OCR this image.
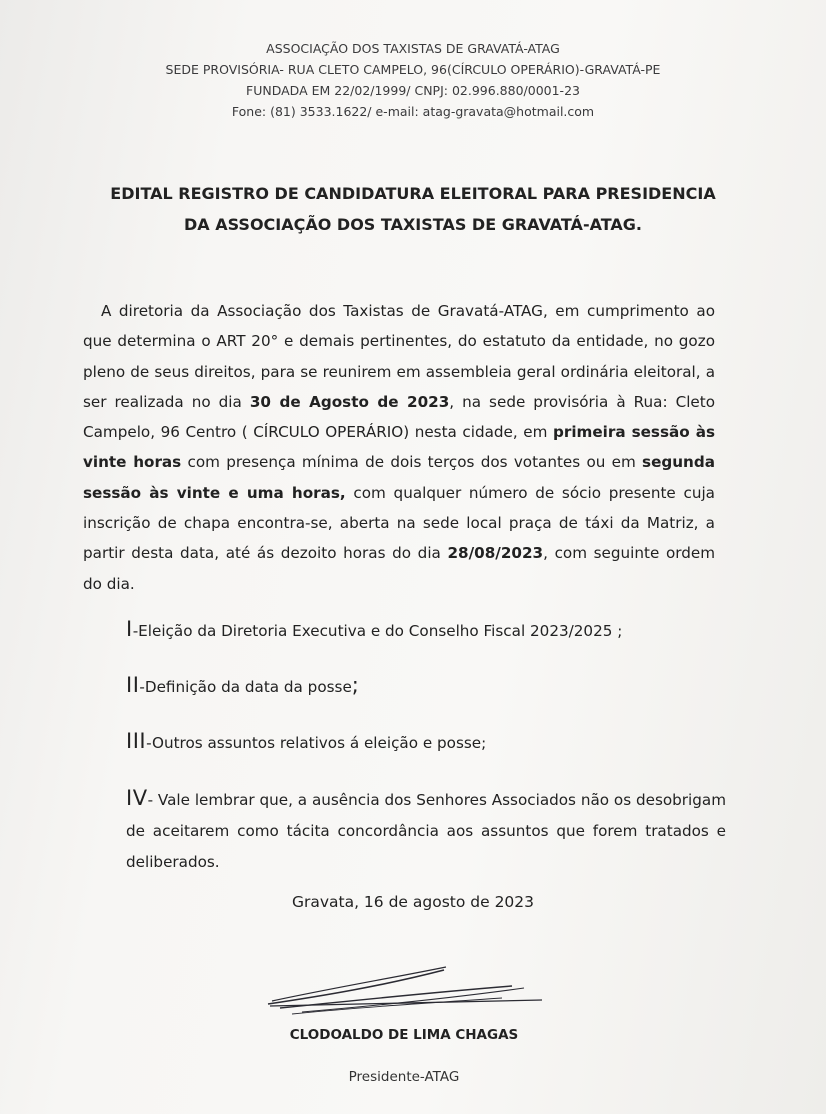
ASSOCIAÇÃO DOS TAXISTAS DE GRAVATÁ-ATAG
SEDE PROVISÓRIA- RUA CLETO CAMPELO, 96(CÍRCULO OPERÁRIO)-GRAVATÁ-PE
FUNDADA EM 22/02/1999/ CNPJ: 02.996.880/0001-23
Fone: (81) 3533.1622/ e-mail: atag-gravata@hotmail.com
EDITAL REGISTRO DE CANDIDATURA ELEITORAL PARA PRESIDENCIA
DA ASSOCIAÇÃO DOS TAXISTAS DE GRAVATÁ-ATAG.
A diretoria da Associação dos Taxistas de Gravatá-ATAG, em cumprimento ao que determina o ART 20° e demais pertinentes, do estatuto da entidade, no gozo pleno de seus direitos, para se reunirem em assembleia geral ordinária eleitoral, a ser realizada no dia 30 de Agosto de 2023, na sede provisória à Rua: Cleto Campelo, 96 Centro ( CÍRCULO OPERÁRIO) nesta cidade, em primeira sessão às vinte horas com presença mínima de dois terços dos votantes ou em segunda sessão às vinte e uma horas, com qualquer número de sócio presente cuja inscrição de chapa encontra-se, aberta na sede local praça de táxi da Matriz, a partir desta data, até ás dezoito horas do dia 28/08/2023, com seguinte ordem do dia.
I-Eleição da Diretoria Executiva e do Conselho Fiscal 2023/2025 ;
II-Definição da data da posse;
III-Outros assuntos relativos á eleição e posse;
IV- Vale lembrar que, a ausência dos Senhores Associados não os desobrigam de aceitarem como tácita concordância aos assuntos que forem tratados e deliberados.
Gravata, 16 de agosto de 2023
CLODOALDO DE LIMA CHAGAS
Presidente-ATAG
